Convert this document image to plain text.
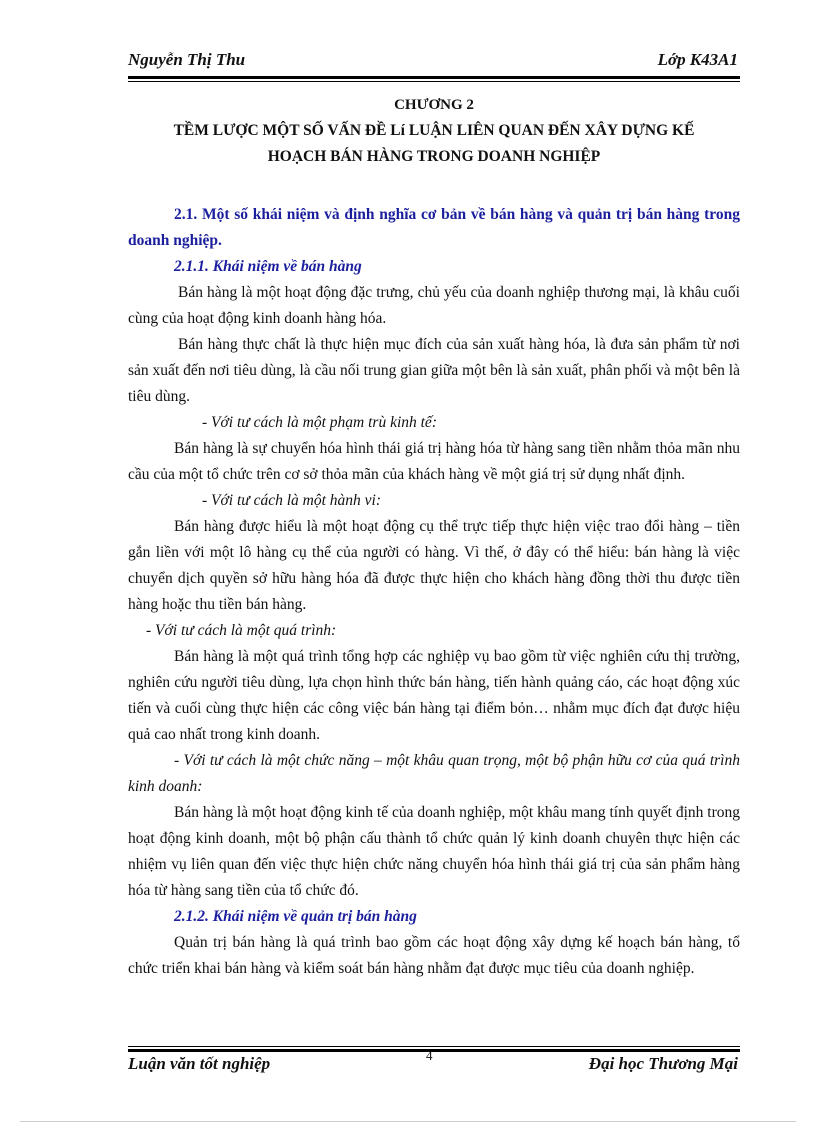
Nguyễn Thị Thu	Lớp K43A1
CHƯƠNG 2
TỀM LƯỢC MỘT SỐ VẤN ĐỀ Lí LUẬN LIÊN QUAN ĐẾN XÂY DỰNG KẾ
HOẠCH BÁN HÀNG TRONG DOANH NGHIỆP

2.1. Một số khái niệm và định nghĩa cơ bản về bán hàng và quản trị bán hàng trong doanh nghiệp.

2.1.1. Khái niệm về bán hàng

Bán hàng là một hoạt động đặc trưng, chủ yếu của doanh nghiệp thương mại, là khâu cuối cùng của hoạt động kinh doanh hàng hóa.

Bán hàng thực chất là thực hiện mục đích của sản xuất hàng hóa, là đưa sản phẩm từ nơi sản xuất đến nơi tiêu dùng, là cầu nối trung gian giữa một bên là sản xuất, phân phối và một bên là tiêu dùng.

- Với tư cách là một phạm trù kinh tế:

Bán hàng là sự chuyển hóa hình thái giá trị hàng hóa từ hàng sang tiền nhằm thỏa mãn nhu cầu của một tổ chức trên cơ sở thỏa mãn của khách hàng về một giá trị sử dụng nhất định.

- Với tư cách là một hành vi:

Bán hàng được hiểu là một hoạt động cụ thể trực tiếp thực hiện việc trao đổi hàng – tiền gắn liền với một lô hàng cụ thể của người có hàng. Vì thế, ở đây có thể hiểu: bán hàng là việc chuyển dịch quyền sở hữu hàng hóa đã được thực hiện cho khách hàng đồng thời thu được tiền hàng hoặc thu tiền bán hàng.

- Với tư cách là một quá trình:

Bán hàng là một quá trình tổng hợp các nghiệp vụ bao gồm từ việc nghiên cứu thị trường, nghiên cứu người tiêu dùng, lựa chọn hình thức bán hàng, tiến hành quảng cáo, các hoạt động xúc tiến và cuối cùng thực hiện các công việc bán hàng tại điểm bỏn… nhằm mục đích đạt được hiệu quả cao nhất trong kinh doanh.

- Với tư cách là một chức năng – một khâu quan trọng, một bộ phận hữu cơ của quá trình kinh doanh:

Bán hàng là một hoạt động kinh tế của doanh nghiệp, một khâu mang tính quyết định trong hoạt động kinh doanh, một bộ phận cấu thành tổ chức quản lý kinh doanh chuyên thực hiện các nhiệm vụ liên quan đến việc thực hiện chức năng chuyển hóa hình thái giá trị của sản phẩm hàng hóa từ hàng sang tiền của tổ chức đó.

2.1.2. Khái niệm về quản trị bán hàng

Quản trị bán hàng là quá trình bao gồm các hoạt động xây dựng kế hoạch bán hàng, tổ chức triển khai bán hàng và kiểm soát bán hàng nhằm đạt được mục tiêu của doanh nghiệp.

Luận văn tốt nghiệp	4	Đại học Thương Mại
